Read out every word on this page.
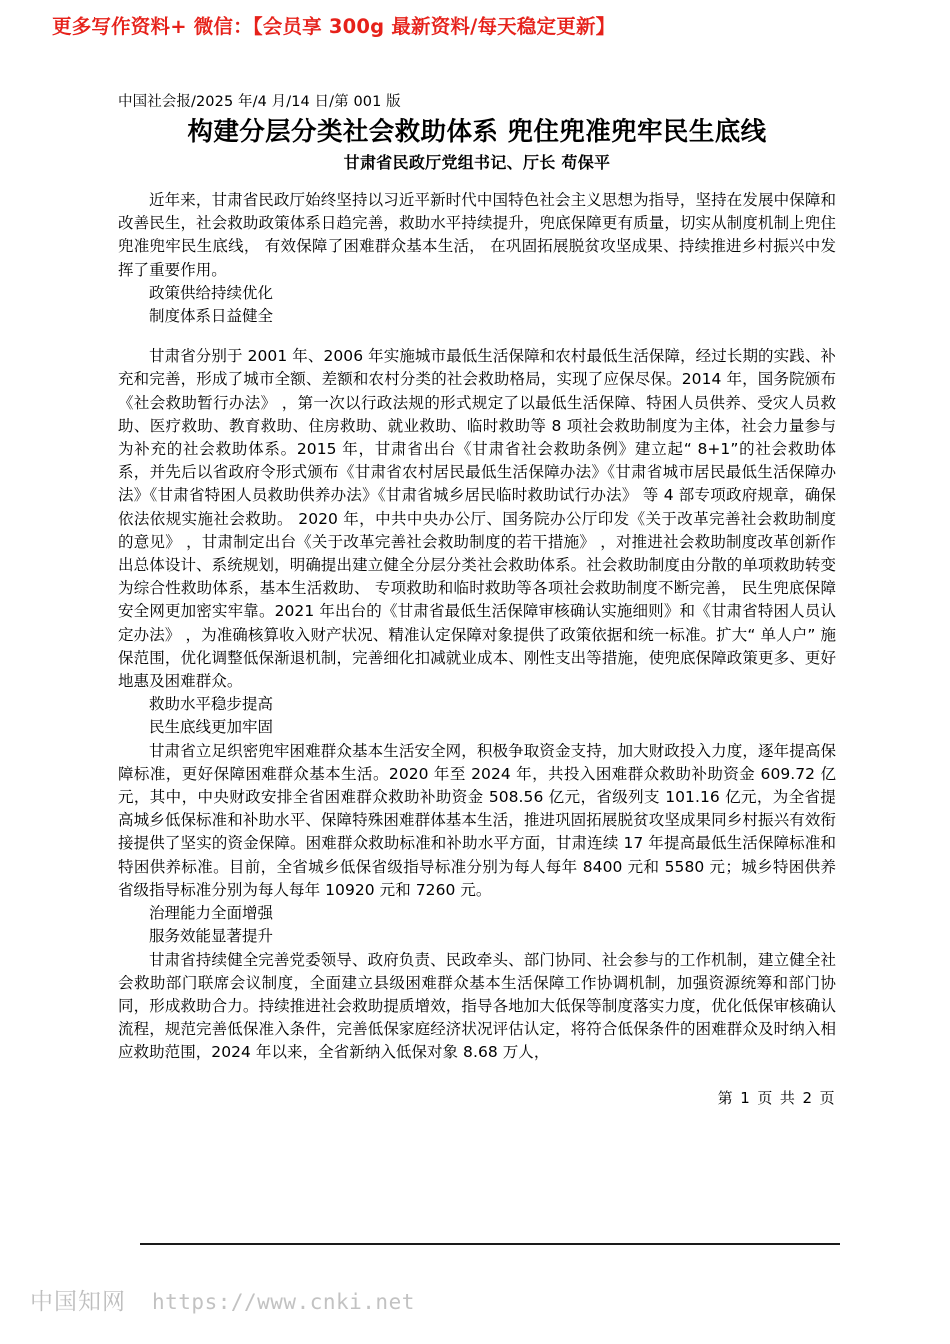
更多写作资料+ 微信：【会员享 300g 最新资料/每天稳定更新】

中国社会报/2025 年/4 月/14 日/第 001 版

构建分层分类社会救助体系 兜住兜准兜牢民生底线

甘肃省民政厅党组书记、厅长 苟保平

近年来，甘肃省民政厅始终坚持以习近平新时代中国特色社会主义思想为指导，坚持在发展中保障和改善民生，社会救助政策体系日趋完善，救助水平持续提升，兜底保障更有质量，切实从制度机制上兜住兜准兜牢民生底线， 有效保障了困难群众基本生活， 在巩固拓展脱贫攻坚成果、持续推进乡村振兴中发挥了重要作用。

政策供给持续优化

制度体系日益健全

甘肃省分别于 2001 年、2006 年实施城市最低生活保障和农村最低生活保障，经过长期的实践、补充和完善，形成了城市全额、差额和农村分类的社会救助格局，实现了应保尽保。2014 年，国务院颁布《社会救助暂行办法》 ，第一次以行政法规的形式规定了以最低生活保障、特困人员供养、受灾人员救助、医疗救助、教育救助、住房救助、就业救助、临时救助等 8 项社会救助制度为主体，社会力量参与为补充的社会救助体系。2015 年，甘肃省出台《甘肃省社会救助条例》建立起“ 8+1”的社会救助体系，并先后以省政府令形式颁布《甘肃省农村居民最低生活保障办法》《甘肃省城市居民最低生活保障办法》《甘肃省特困人员救助供养办法》《甘肃省城乡居民临时救助试行办法》 等 4 部专项政府规章，确保依法依规实施社会救助。 2020 年，中共中央办公厅、国务院办公厅印发《关于改革完善社会救助制度的意见》 ，甘肃制定出台《关于改革完善社会救助制度的若干措施》 ，对推进社会救助制度改革创新作出总体设计、系统规划，明确提出建立健全分层分类社会救助体系。社会救助制度由分散的单项救助转变为综合性救助体系，基本生活救助、 专项救助和临时救助等各项社会救助制度不断完善， 民生兜底保障安全网更加密实牢靠。2021 年出台的《甘肃省最低生活保障审核确认实施细则》和《甘肃省特困人员认定办法》 ，为准确核算收入财产状况、精准认定保障对象提供了政策依据和统一标准。扩大“ 单人户” 施保范围，优化调整低保渐退机制，完善细化扣减就业成本、刚性支出等措施，使兜底保障政策更多、更好地惠及困难群众。

救助水平稳步提高

民生底线更加牢固

甘肃省立足织密兜牢困难群众基本生活安全网，积极争取资金支持，加大财政投入力度，逐年提高保障标准，更好保障困难群众基本生活。2020 年至 2024 年，共投入困难群众救助补助资金 609.72 亿元，其中，中央财政安排全省困难群众救助补助资金 508.56 亿元，省级列支 101.16 亿元，为全省提高城乡低保标准和补助水平、保障特殊困难群体基本生活，推进巩固拓展脱贫攻坚成果同乡村振兴有效衔接提供了坚实的资金保障。困难群众救助标准和补助水平方面，甘肃连续 17 年提高最低生活保障标准和特困供养标准。目前，全省城乡低保省级指导标准分别为每人每年 8400 元和 5580 元；城乡特困供养省级指导标准分别为每人每年 10920 元和 7260 元。

治理能力全面增强

服务效能显著提升

甘肃省持续健全完善党委领导、政府负责、民政牵头、部门协同、社会参与的工作机制，建立健全社会救助部门联席会议制度，全面建立县级困难群众基本生活保障工作协调机制，加强资源统筹和部门协同，形成救助合力。持续推进社会救助提质增效，指导各地加大低保等制度落实力度，优化低保审核确认流程，规范完善低保准入条件，完善低保家庭经济状况评估认定，将符合低保条件的困难群众及时纳入相应救助范围，2024 年以来，全省新纳入低保对象 8.68 万人，

第 1 页 共 2 页
中国知网 https://www.cnki.net
